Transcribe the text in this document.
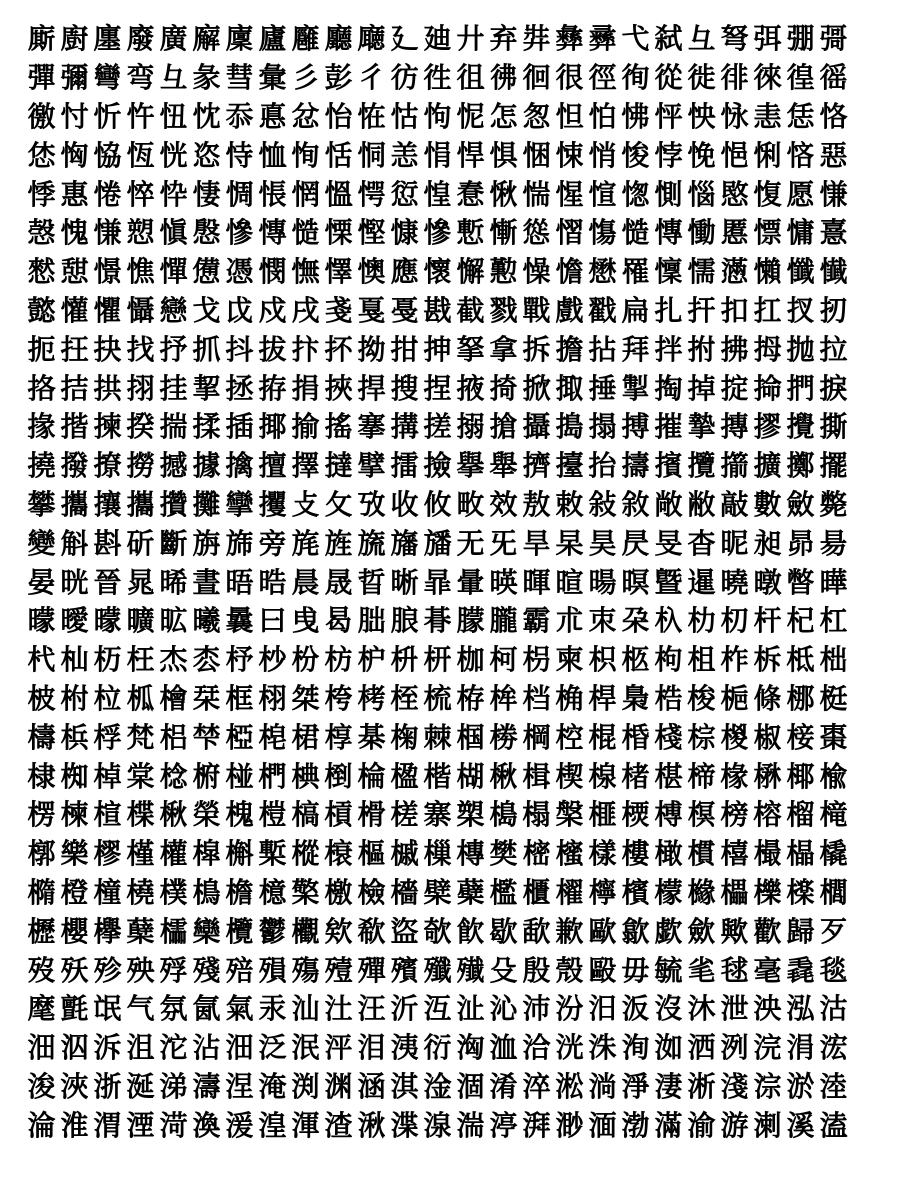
廝 廚 廛 廢 廣 廨 廩 廬 廱 廳 廰 廴 廸 廾 弃 弉 彝 彞 弋 弑 彑 弩 弭 弸 彁
彈 彌 彎 弯 彑 彖 彗 彙 彡 彭 彳 彷 徃 徂 彿 徊 很 徑 徇 從 徙 徘 徠 徨 徭
徼 忖 忻 忤 忸 忱 忝 悳 忿 怡 恠 怙 怐 怩 怎 怱 怛 怕 怫 怦 怏 怺 恚 恁 恪
恷 恟 恊 恆 恍 恣 恃 恤 恂 恬 恫 恙 悁 悍 惧 悃 悚 悄 悛 悖 悗 悒 悧 悋 惡
悸 惠 惓 悴 忰 悽 惆 悵 惘 慍 愕 愆 惶 惷 愀 惴 惺 愃 愡 惻 惱 愍 愎 愿 慊
愨 愧 慊 愬 愼 慇 慘 慱 慥 慄 慳 慷 慘 慙 慚 慫 慴 慯 慥 慱 慟 慝 慓 慵 憙
憖 憇 憬 憔 憚 憊 憑 憫 憮 懌 懊 應 懷 懈 懃 懆 憺 懋 罹 懍 懦 懣 懶 懺 懴
懿 懽 懼 懾 戀 戈 戉 戍 戌 戔 戛 戞 戡 截 戮 戰 戲 戳 扁 扎 扞 扣 扛 扠 扨
扼 抂 抉 找 抒 抓 抖 拔 抃 抔 拗 拑 抻 拏 拿 拆 擔 拈 拜 拌 拊 拂 拇 抛 拉
挌 拮 拱 挧 挂 挈 拯 拵 捐 挾 捍 搜 捏 掖 掎 掀 掫 捶 掣 掏 掉 掟 掵 捫 捩
掾 揩 揀 揆 揣 揉 插 揶 揄 搖 搴 搆 搓 搦 搶 攝 搗 搨 搏 摧 摯 摶 摎 攪 撕
撓 撥 撩 撈 撼 據 擒 擅 擇 撻 擘 擂 撿 擧 舉 擠 擡 抬 擣 擯 攬 擶 擴 擲 擺
攀 攜 攘 攜 攢 攤 攣 攫 攴 攵 攷 收 攸 畋 效 敖 敕 敍 敘 敞 敝 敲 數 斂 斃
變 斛 斟 斫 斷 旃 旆 旁 旄 旌 旒 旛 旙 无 旡 旱 杲 昊 昃 旻 杳 昵 昶 昴 昜
晏 晄 晉 晁 晞 晝 晤 晧 晨 晟 晢 晰 暃 暈 暎 暉 暄 暘 暝 曁 暹 曉 暾 暼 曄
曚 曖 曚 曠 昿 曦 曩 曰 曵 曷 朏 朖 朞 朦 朧 霸 朮 朿 朶 杁 朸 朷 杆 杞 杠
杙 杣 杤 枉 杰 枩 杼 杪 枌 枋 枦 枡 枅 枷 柯 枴 柬 枳 柩 枸 柤 柞 柝 柢 柮
柀 柎 柆 柧 檜 栞 框 栩 桀 桍 栲 桎 梳 栫 桙 档 桷 桿 梟 梏 梭 梔 條 梛 梃
檮 梹 桴 梵 梠 梺 椏 梍 桾 椁 棊 椈 棘 椢 椦 棡 椌 棍 棔 棧 棕 椶 椒 椄 棗
棣 椥 棹 棠 棯 椨 椪 椚 椣 椡 棆 楹 楷 楜 楸 楫 楔 楾 楮 椹 楴 椽 楙 椰 楡
楞 楝 楦 楪 楸 榮 槐 榿 槁 槓 榾 槎 寨 槊 槝 榻 槃 榧 樮 榑 榠 榜 榕 榴 槞
槨 樂 樛 槿 權 槹 槲 槧 樅 榱 樞 槭 樔 槫 樊 樒 櫁 樣 樓 橄 樌 橲 樶 橸 橇
橢 橙 橦 橈 樸 樢 檐 檍 檠 檄 檢 檣 檗 蘗 檻 櫃 櫂 檸 檳 檬 櫞 櫑 櫟 檪 櫚
櫪 櫻 欅 蘖 櫺 欒 欖 鬱 欟 欸 欷 盜 欹 飮 歇 歃 歉 歐 歙 歔 歛 歟 歡 歸 歹
歿 殀 殄 殃 殍 殘 殕 殞 殤 殪 殫 殯 殲 殱 殳 殷 殼 毆 毋 毓 毟 毬 毫 毳 毯
麾 氈 氓 气 氛 氤 氣 汞 汕 汢 汪 沂 沍 沚 沁 沛 汾 汨 汳 沒 沐 泄 泱 泓 沽
沺 泅 泝 沮 沱 沾 沺 泛 泯 泙 泪 洟 衍 洶 洫 洽 洸 洙 洵 洳 洒 洌 浣 涓 浤
浚 浹 浙 涎 涕 濤 涅 淹 渕 渊 涵 淇 淦 涸 淆 淬 淞 淌 淨 淒 淅 淺 淙 淤 淕
淪 淮 渭 湮 渮 渙 湲 湟 渾 渣 湫 渫 湶 湍 渟 湃 渺 湎 渤 滿 渝 游 溂 溪 溘
